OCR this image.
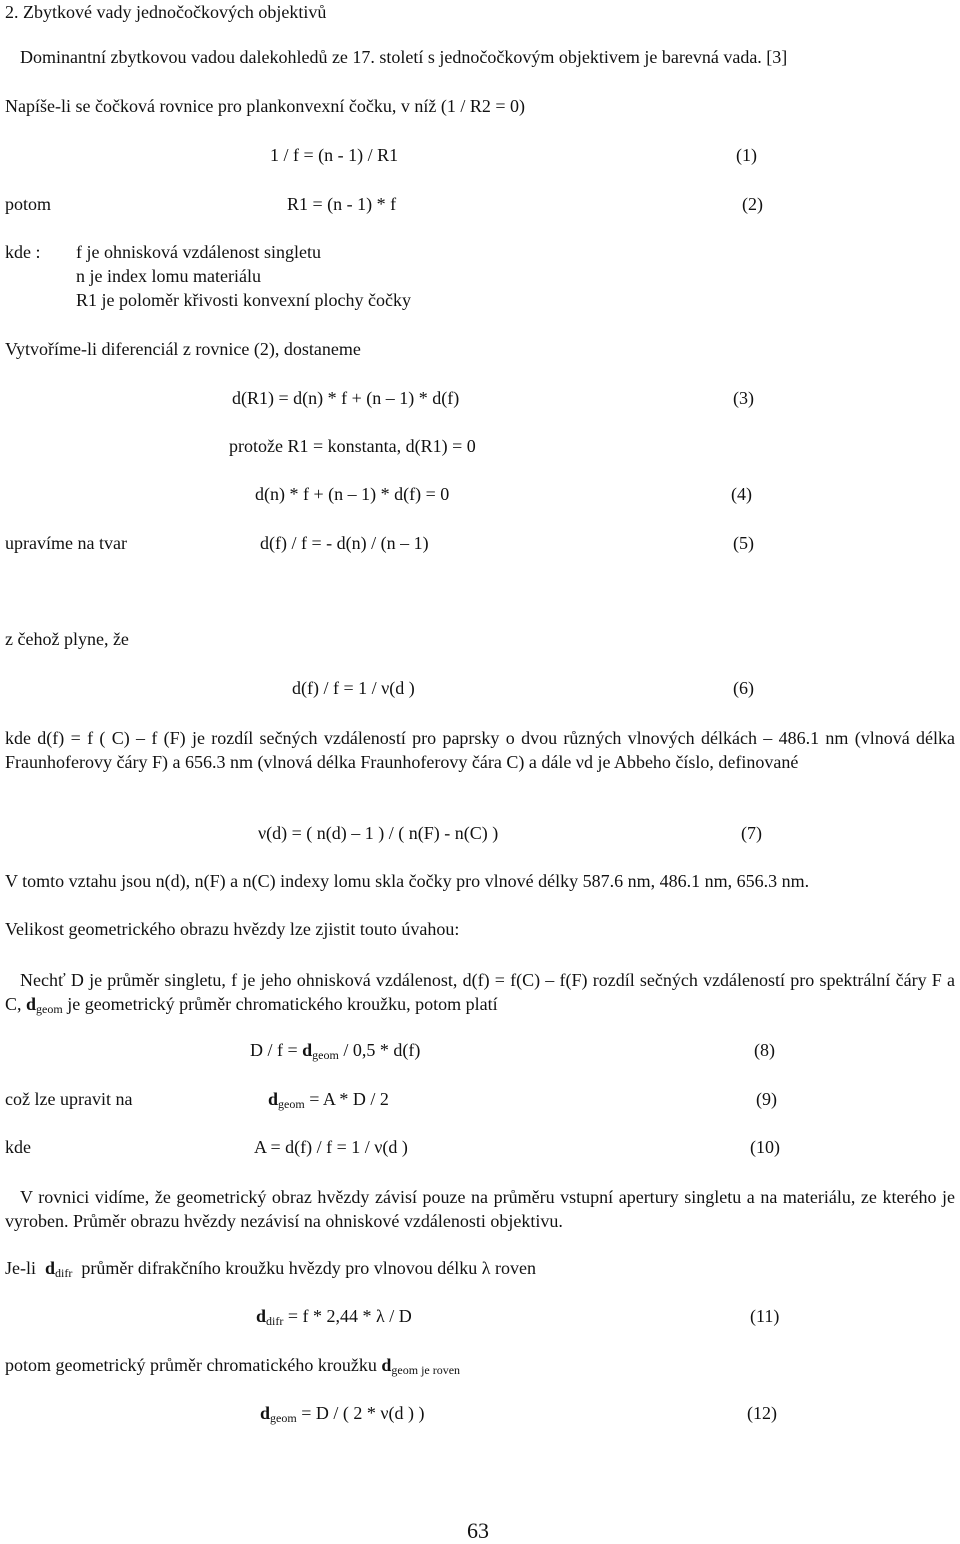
2. Zbytkové vady jednočočkových objektivů
Dominantní zbytkovou vadou dalekohledů ze 17. století s jednočočkovým objektivem je barevná vada. [3]
Napíše-li se čočková rovnice pro plankonvexní čočku, v níž (1 / R2 = 0)
1 / f = (n - 1) / R1	(1)
potom	R1 = (n - 1) * f	(2)
kde : f je ohnisková vzdálenost singletu
n je index lomu materiálu
R1 je poloměr křivosti konvexní plochy čočky
Vytvoříme-li diferenciál z rovnice (2), dostaneme
d(R1) = d(n) * f + (n – 1) * d(f)	(3)
protože R1 = konstanta, d(R1) = 0
d(n) * f + (n – 1) * d(f) = 0	(4)
upravíme na tvar	d(f) / f = - d(n) / (n – 1)	(5)
z čehož plyne, že
d(f) / f = 1 / ν(d )	(6)
kde d(f) = f ( C) – f (F) je rozdíl sečných vzdáleností pro paprsky o dvou různých vlnových délkách – 486.1 nm (vlnová délka Fraunhoferovy čáry F) a 656.3 nm (vlnová délka Fraunhoferovy čára C) a dále νd je Abbeho číslo, definované
ν(d) = ( n(d) – 1 ) / ( n(F) - n(C) )	(7)
V tomto vztahu jsou n(d), n(F) a n(C) indexy lomu skla čočky pro vlnové délky 587.6 nm, 486.1 nm, 656.3 nm.
Velikost geometrického obrazu hvězdy lze zjistit touto úvahou:
Nechť D je průměr singletu, f je jeho ohnisková vzdálenost, d(f) = f(C) – f(F) rozdíl sečných vzdáleností pro spektrální čáry F a C, $d_{geom}$ je geometrický průměr chromatického kroužku, potom platí
$D / f = d_{geom} / 0,5 * d(f)$	(8)
což lze upravit na	$d_{geom} = A * D / 2$	(9)
kde	A = d(f) / f = 1 / ν(d )	(10)
V rovnici vidíme, že geometrický obraz hvězdy závisí pouze na průměru vstupní apertury singletu a na materiálu, ze kterého je vyroben. Průměr obrazu hvězdy nezávisí na ohniskové vzdálenosti objektivu.
Je-li $d_{difr}$ průměr difrakčního kroužku hvězdy pro vlnovou délku λ roven
$d_{difr} = f * 2,44 * \lambda / D$	(11)
potom geometrický průměr chromatického kroužku $d_{geom je roven}$
$d_{geom} = D$ / ( 2 * ν(d ) )	(12)
63
